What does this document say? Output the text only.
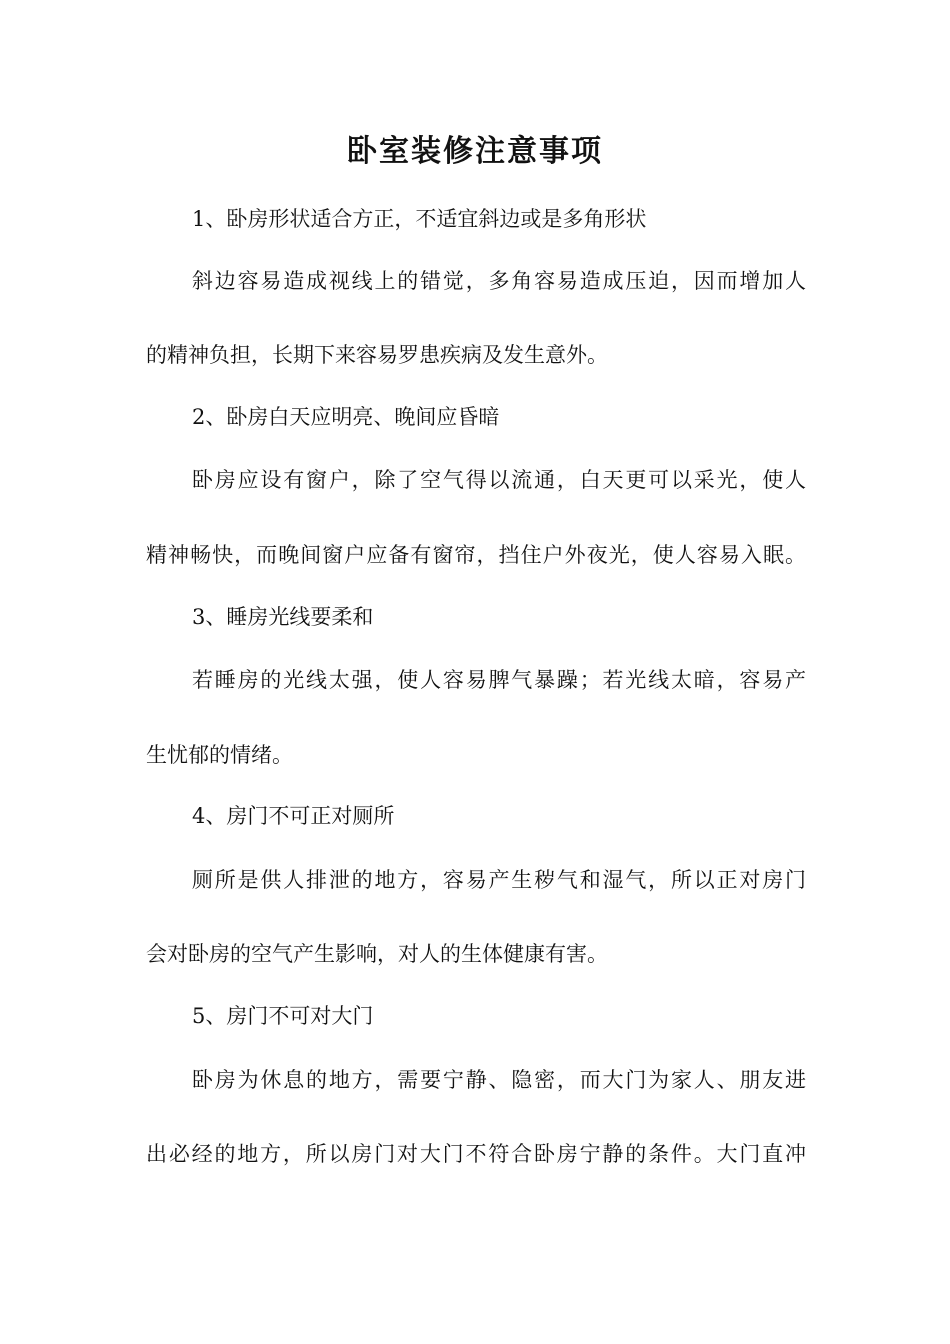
卧室装修注意事项

1、卧房形状适合方正，不适宜斜边或是多角形状

斜边容易造成视线上的错觉，多角容易造成压迫，因而增加人

的精神负担，长期下来容易罗患疾病及发生意外。

2、卧房白天应明亮、晚间应昏暗

卧房应设有窗户，除了空气得以流通，白天更可以采光，使人

精神畅快，而晚间窗户应备有窗帘，挡住户外夜光，使人容易入眠。

3、睡房光线要柔和

若睡房的光线太强，使人容易脾气暴躁；若光线太暗，容易产

生忧郁的情绪。

4、房门不可正对厕所

厕所是供人排泄的地方，容易产生秽气和湿气，所以正对房门

会对卧房的空气产生影响，对人的生体健康有害。

5、房门不可对大门

卧房为休息的地方，需要宁静、隐密，而大门为家人、朋友进

出必经的地方，所以房门对大门不符合卧房宁静的条件。大门直冲
